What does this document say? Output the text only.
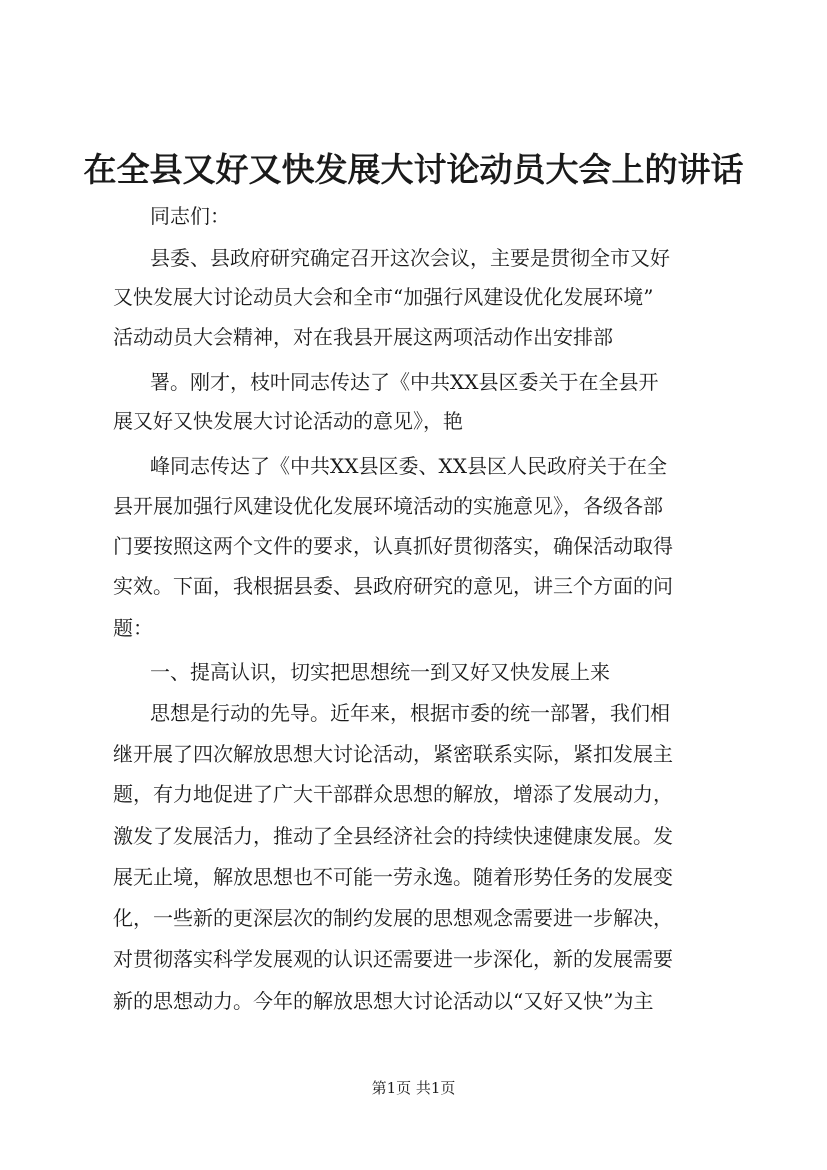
在全县又好又快发展大讨论动员大会上的讲话
同志们：
县委、县政府研究确定召开这次会议，主要是贯彻全市又好
又快发展大讨论动员大会和全市“加强行风建设优化发展环境”
活动动员大会精神，对在我县开展这两项活动作出安排部
署。刚才，枝叶同志传达了《中共XX县区委关于在全县开
展又好又快发展大讨论活动的意见》，艳
峰同志传达了《中共XX县区委、XX县区人民政府关于在全
县开展加强行风建设优化发展环境活动的实施意见》，各级各部
门要按照这两个文件的要求，认真抓好贯彻落实，确保活动取得
实效。下面，我根据县委、县政府研究的意见，讲三个方面的问
题：
一、提高认识，切实把思想统一到又好又快发展上来
思想是行动的先导。近年来，根据市委的统一部署，我们相
继开展了四次解放思想大讨论活动，紧密联系实际，紧扣发展主
题，有力地促进了广大干部群众思想的解放，增添了发展动力，
激发了发展活力，推动了全县经济社会的持续快速健康发展。发
展无止境，解放思想也不可能一劳永逸。随着形势任务的发展变
化，一些新的更深层次的制约发展的思想观念需要进一步解决，
对贯彻落实科学发展观的认识还需要进一步深化，新的发展需要
新的思想动力。今年的解放思想大讨论活动以“又好又快”为主
第1页 共1页
